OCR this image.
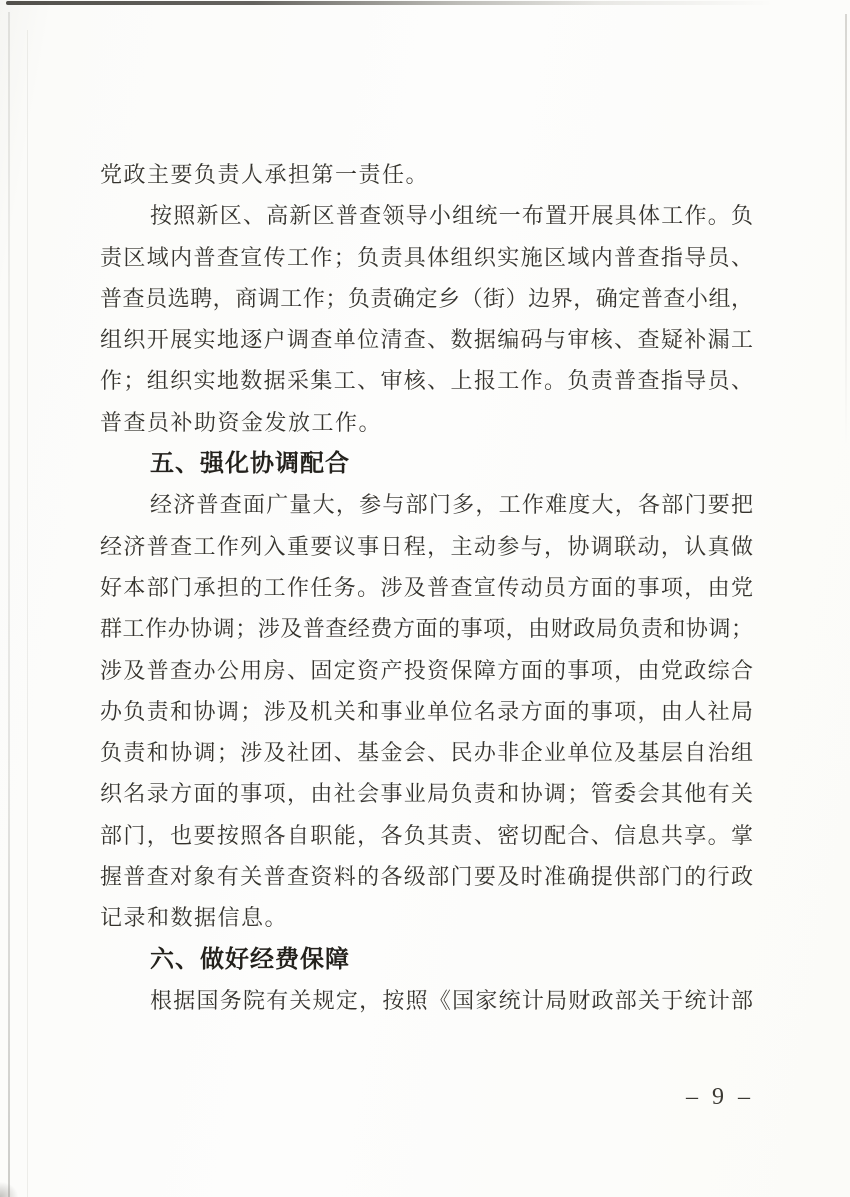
党政主要负责人承担第一责任。
按照新区、高新区普查领导小组统一布置开展具体工作。负
责区域内普查宣传工作；负责具体组织实施区域内普查指导员、
普查员选聘，商调工作；负责确定乡（街）边界，确定普查小组，
组织开展实地逐户调查单位清查、数据编码与审核、查疑补漏工
作；组织实地数据采集工、审核、上报工作。负责普查指导员、
普查员补助资金发放工作。
五、强化协调配合
经济普查面广量大，参与部门多，工作难度大，各部门要把
经济普查工作列入重要议事日程，主动参与，协调联动，认真做
好本部门承担的工作任务。涉及普查宣传动员方面的事项，由党
群工作办协调；涉及普查经费方面的事项，由财政局负责和协调；
涉及普查办公用房、固定资产投资保障方面的事项，由党政综合
办负责和协调；涉及机关和事业单位名录方面的事项，由人社局
负责和协调；涉及社团、基金会、民办非企业单位及基层自治组
织名录方面的事项，由社会事业局负责和协调；管委会其他有关
部门，也要按照各自职能，各负其责、密切配合、信息共享。掌
握普查对象有关普查资料的各级部门要及时准确提供部门的行政
记录和数据信息。
六、做好经费保障
根据国务院有关规定，按照《国家统计局财政部关于统计部
– 9 –
